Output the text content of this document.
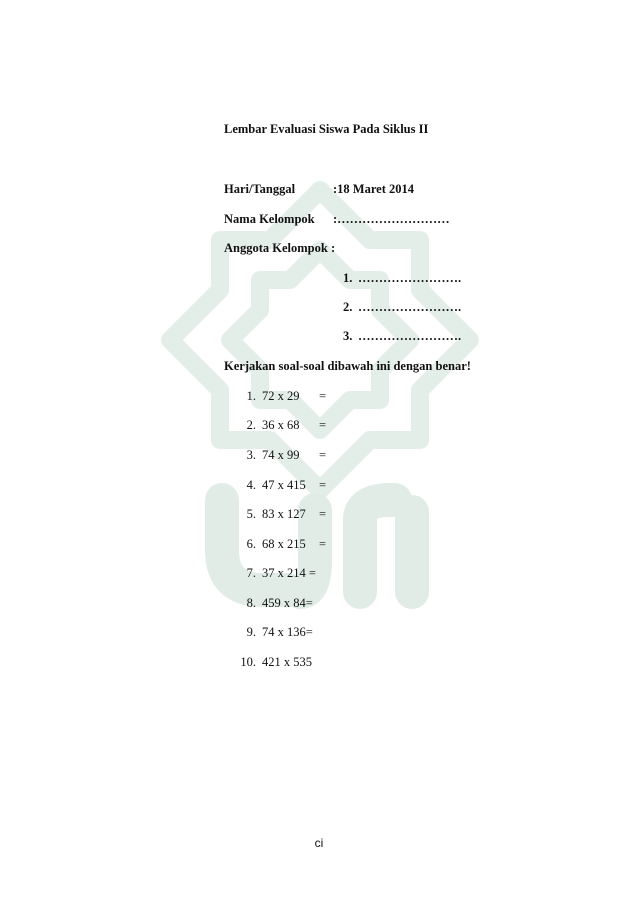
Lembar Evaluasi Siswa Pada Siklus II
Hari/Tanggal	:18 Maret 2014
Nama Kelompok :………………………
Anggota Kelompok :
1. …………………….
2. …………………….
3. …………………….
Kerjakan soal-soal dibawah ini dengan benar!
1. 72 x 29 =
2. 36 x 68 =
3. 74 x 99 =
4. 47 x 415 =
5. 83 x 127 =
6. 68 x 215 =
7. 37 x 214 =
8. 459 x 84=
9. 74 x 136=
10. 421 x 535
ci
